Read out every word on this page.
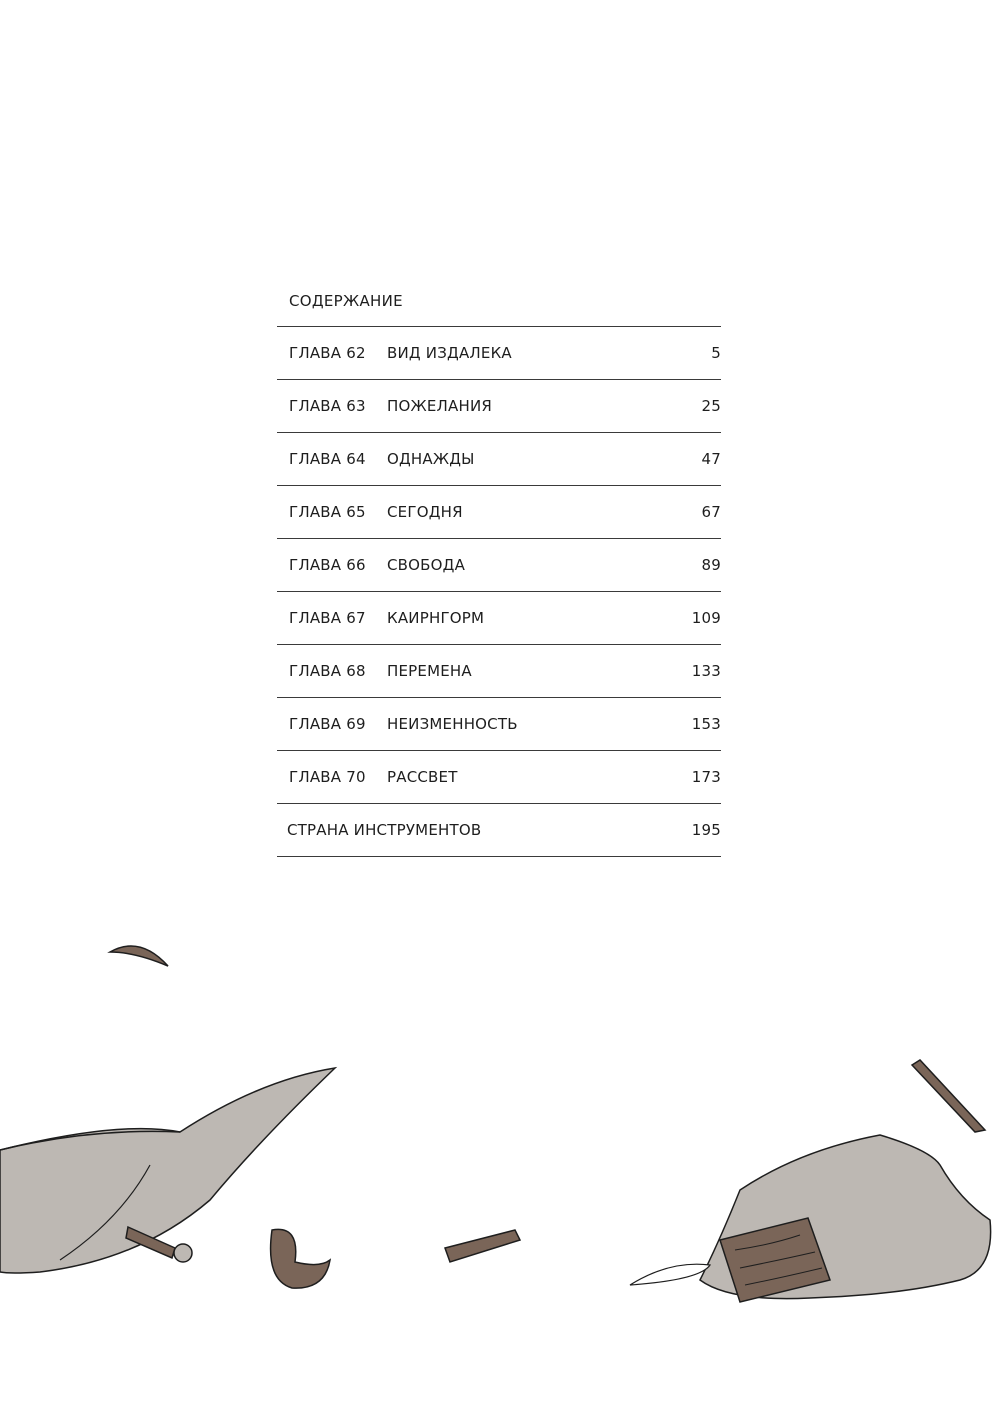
СОДЕРЖАНИЕ
ГЛАВА 62	ВИД ИЗДАЛЕКА	5
ГЛАВА 63	ПОЖЕЛАНИЯ	25
ГЛАВА 64	ОДНАЖДЫ	47
ГЛАВА 65	СЕГОДНЯ	67
ГЛАВА 66	СВОБОДА	89
ГЛАВА 67	КАИРНГОРМ	109
ГЛАВА 68	ПЕРЕМЕНА	133
ГЛАВА 69	НЕИЗМЕННОСТЬ	153
ГЛАВА 70	РАССВЕТ	173
СТРАНА ИНСТРУМЕНТОВ	195
